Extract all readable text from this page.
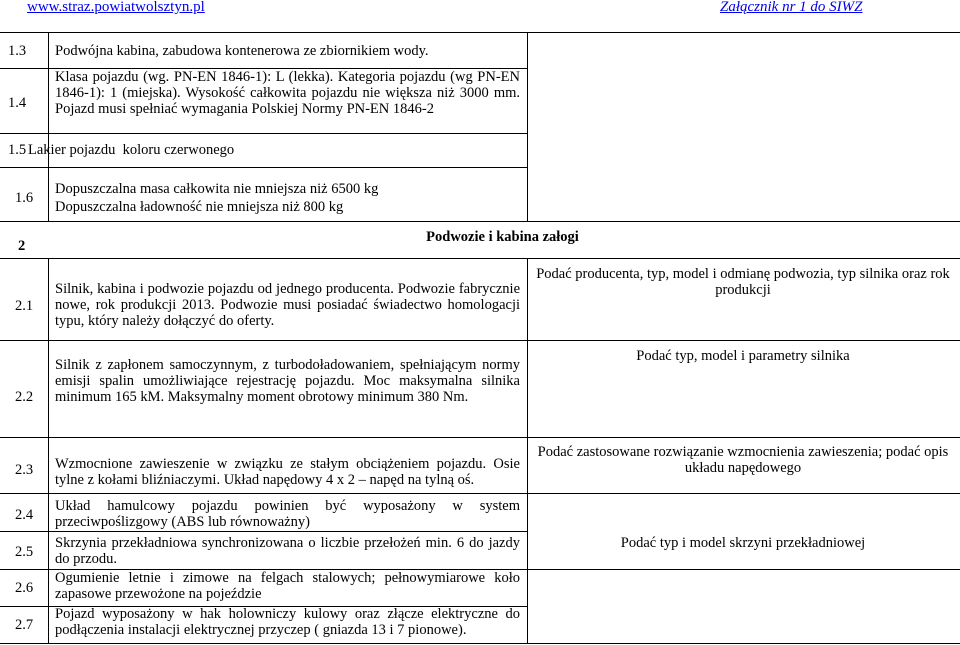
www.straz.powiatwolsztyn.pl	Załącznik nr 1 do SIWZ
1.3 Podwójna kabina, zabudowa kontenerowa ze zbiornikiem wody.
1.4
Klasa pojazdu (wg. PN-EN 1846-1): L (lekka). Kategoria pojazdu (wg PN-EN 1846-1): 1 (miejska). Wysokość całkowita pojazdu nie większa niż 3000 mm. Pojazd musi spełniać wymagania Polskiej Normy PN-EN 1846-2
1.5 Lakier pojazdu  koloru czerwonego
1.6
Dopuszczalna masa całkowita nie mniejsza niż 6500 kg
Dopuszczalna ładowność nie mniejsza niż 800 kg
2
Podwozie i kabina załogi
2.1
Silnik, kabina i podwozie pojazdu od jednego producenta. Podwozie fabrycznie nowe, rok produkcji 2013. Podwozie musi posiadać świadectwo homologacji typu, który należy dołączyć do oferty.
Podać producenta, typ, model i odmianę podwozia, typ silnika oraz rok produkcji
2.2
Silnik z zapłonem samoczynnym, z turbodoładowaniem, spełniającym normy emisji spalin umożliwiające rejestrację pojazdu. Moc maksymalna silnika minimum 165 kM. Maksymalny moment obrotowy minimum 380 Nm.
Podać typ, model i parametry silnika
2.3 Wzmocnione zawieszenie w związku ze stałym obciążeniem pojazdu. Osie tylne z kołami bliźniaczymi. Układ napędowy 4 x 2 – napęd na tylną oś.
Podać zastosowane rozwiązanie wzmocnienia zawieszenia; podać opis układu napędowego
2.4
Układ hamulcowy pojazdu powinien być wyposażony w system przeciwpoślizgowy (ABS lub równoważny)
2.5
Skrzynia przekładniowa synchronizowana o liczbie przełożeń min. 6 do jazdy do przodu.
Podać typ i model skrzyni przekładniowej
2.6
Ogumienie letnie i zimowe na felgach stalowych; pełnowymiarowe koło zapasowe przewożone na pojeździe
2.7
Pojazd wyposażony w hak holowniczy kulowy oraz złącze elektryczne do podłączenia instalacji elektrycznej przyczep ( gniazda 13 i 7 pionowe).
